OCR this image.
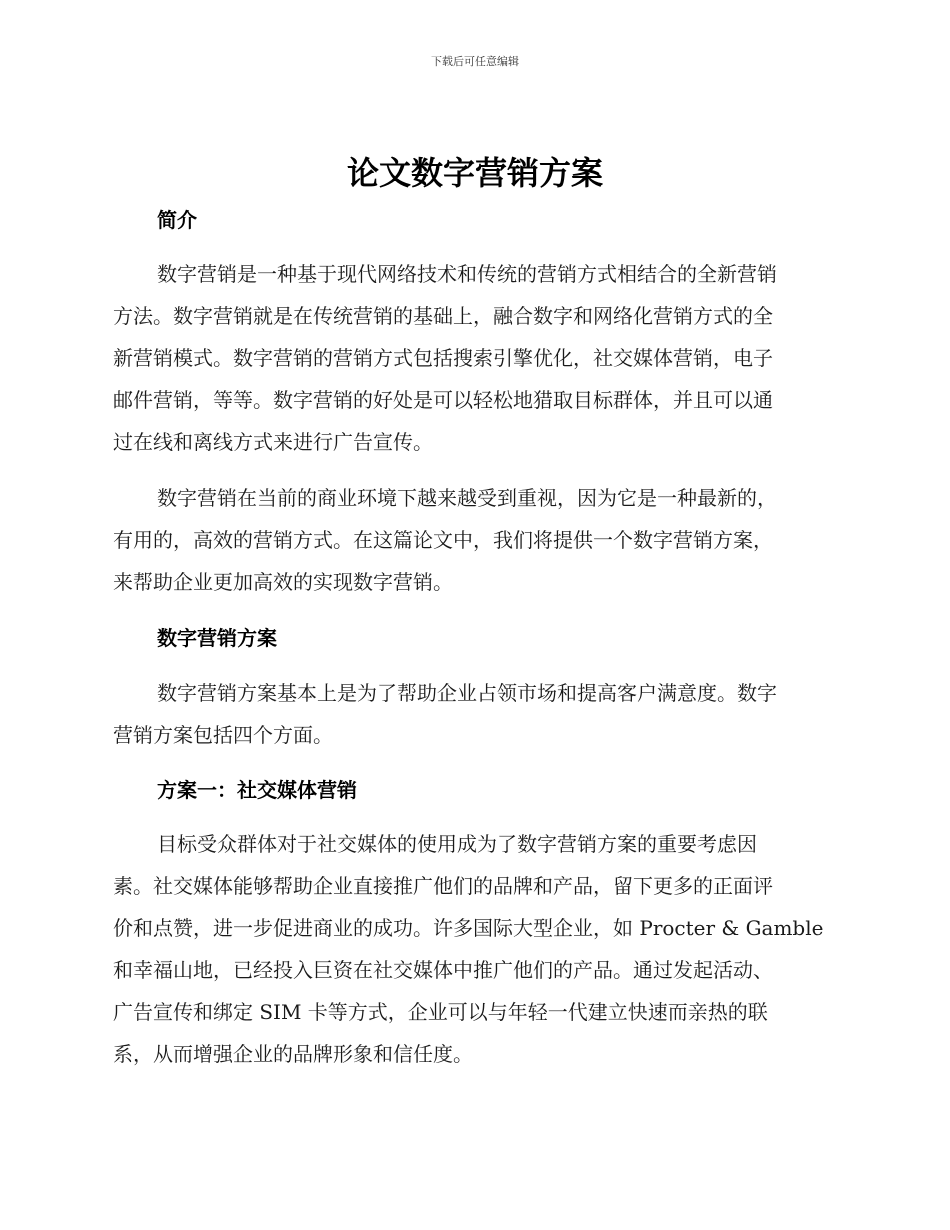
下载后可任意编辑
论文数字营销方案
简介
数字营销是一种基于现代网络技术和传统的营销方式相结合的全新营销
方法。数字营销就是在传统营销的基础上，融合数字和网络化营销方式的全
新营销模式。数字营销的营销方式包括搜索引擎优化，社交媒体营销，电子
邮件营销，等等。数字营销的好处是可以轻松地猎取目标群体，并且可以通
过在线和离线方式来进行广告宣传。
数字营销在当前的商业环境下越来越受到重视，因为它是一种最新的，
有用的，高效的营销方式。在这篇论文中，我们将提供一个数字营销方案，
来帮助企业更加高效的实现数字营销。
数字营销方案
数字营销方案基本上是为了帮助企业占领市场和提高客户满意度。数字
营销方案包括四个方面。
方案一：社交媒体营销
目标受众群体对于社交媒体的使用成为了数字营销方案的重要考虑因
素。社交媒体能够帮助企业直接推广他们的品牌和产品，留下更多的正面评
价和点赞，进一步促进商业的成功。许多国际大型企业，如 Procter & Gamble
和幸福山地，已经投入巨资在社交媒体中推广他们的产品。通过发起活动、
广告宣传和绑定 SIM 卡等方式，企业可以与年轻一代建立快速而亲热的联
系，从而增强企业的品牌形象和信任度。
